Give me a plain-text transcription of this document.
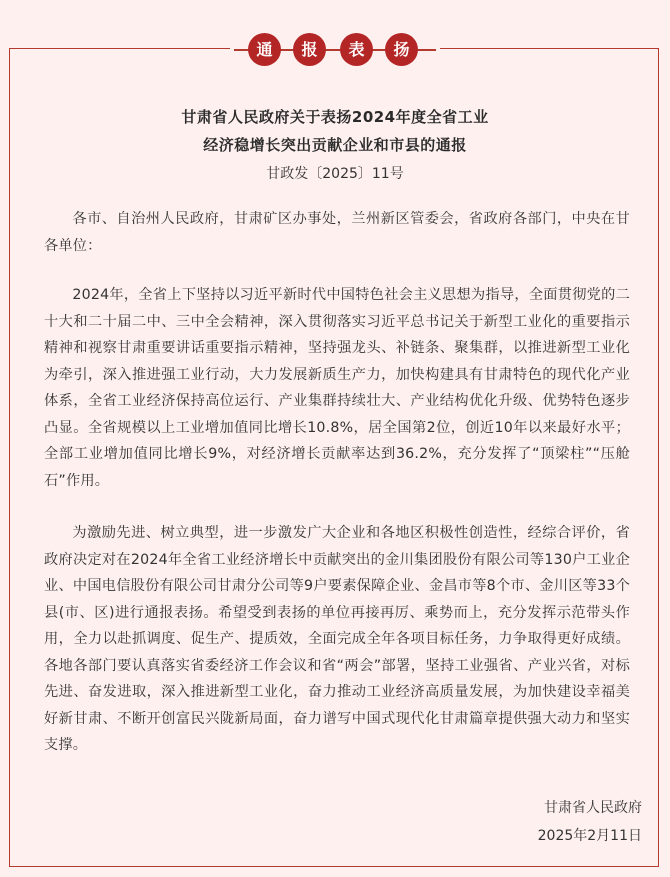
通	报	表	扬
甘肃省人民政府关于表扬2024年度全省工业
经济稳增长突出贡献企业和市县的通报
甘政发〔2025〕11号

各市、自治州人民政府，甘肃矿区办事处，兰州新区管委会，省政府各部门，中央在甘各单位：

2024年，全省上下坚持以习近平新时代中国特色社会主义思想为指导，全面贯彻党的二十大和二十届二中、三中全会精神，深入贯彻落实习近平总书记关于新型工业化的重要指示精神和视察甘肃重要讲话重要指示精神，坚持强龙头、补链条、聚集群，以推进新型工业化为牵引，深入推进强工业行动，大力发展新质生产力，加快构建具有甘肃特色的现代化产业体系，全省工业经济保持高位运行、产业集群持续壮大、产业结构优化升级、优势特色逐步凸显。全省规模以上工业增加值同比增长10.8%，居全国第2位，创近10年以来最好水平；全部工业增加值同比增长9%，对经济增长贡献率达到36.2%，充分发挥了“顶梁柱”“压舱石”作用。

为激励先进、树立典型，进一步激发广大企业和各地区积极性创造性，经综合评价，省政府决定对在2024年全省工业经济增长中贡献突出的金川集团股份有限公司等130户工业企业、中国电信股份有限公司甘肃分公司等9户要素保障企业、金昌市等8个市、金川区等33个县(市、区)进行通报表扬。希望受到表扬的单位再接再厉、乘势而上，充分发挥示范带头作用，全力以赴抓调度、促生产、提质效，全面完成全年各项目标任务，力争取得更好成绩。各地各部门要认真落实省委经济工作会议和省“两会”部署，坚持工业强省、产业兴省，对标先进、奋发进取，深入推进新型工业化，奋力推动工业经济高质量发展，为加快建设幸福美好新甘肃、不断开创富民兴陇新局面，奋力谱写中国式现代化甘肃篇章提供强大动力和坚实支撑。

甘肃省人民政府
2025年2月11日
